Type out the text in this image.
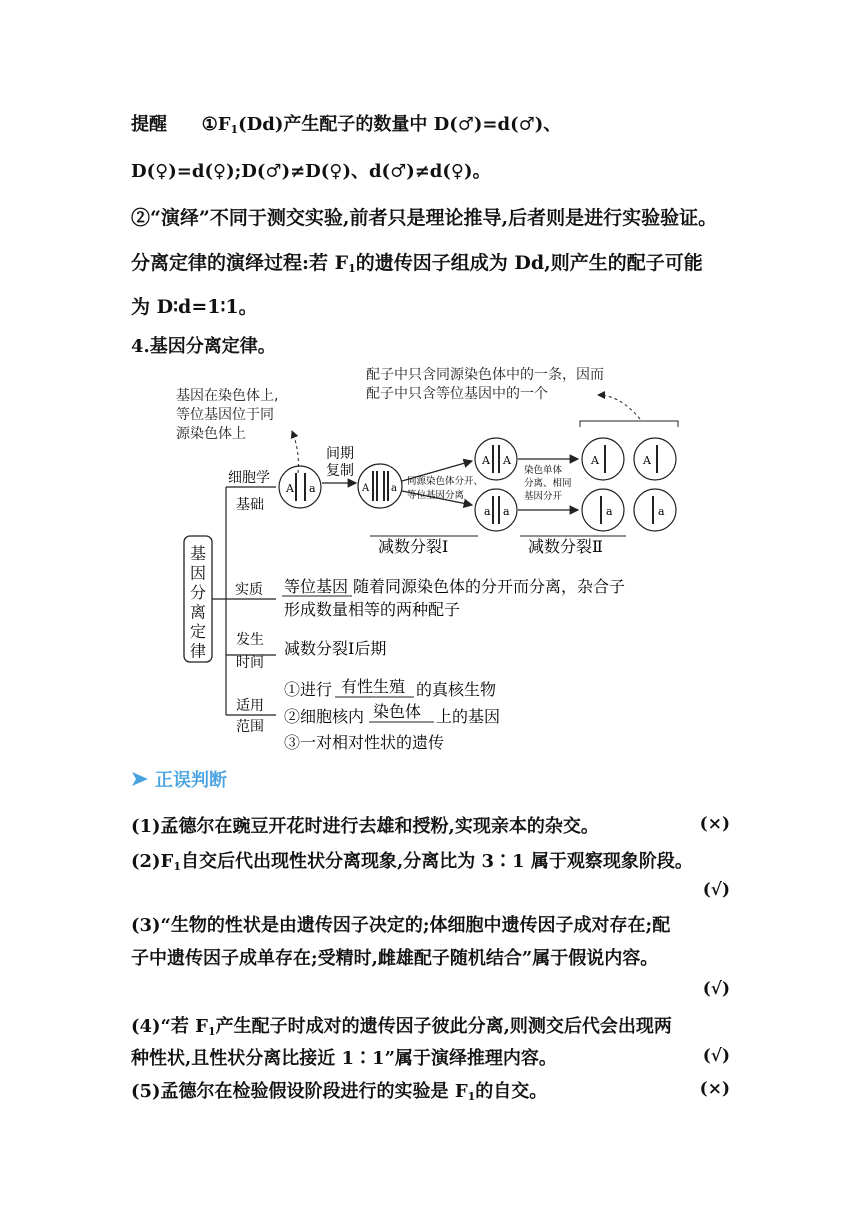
提醒 $①F_1(Dd)$产生配子的数量中 D(♂)=d(♂)、
D(♀)=d(♀);D(♂)≠D(♀)、d(♂)≠d(♀)。
②“演绎”不同于测交实验,前者只是理论推导,后者则是进行实验验证。
分离定律的演绎过程:若 $F_1$的遗传因子组成为 Dd,则产生的配子可能
为 D∶d=1∶1。
4.基因分离定律。
配子中只含同源染色体中的一条，因而
配子中只含等位基因中的一个
基因在染色体上,
等位基因位于同
源染色体上
基
因
分
离
定
律
细胞学
基础
A a
间期
复制
A a
同源染色体分开、
等位基因分离
A A
a a
染色单体
分离、相同
基因分开
A	A
a	a
减数分裂Ⅰ	减数分裂Ⅱ
实质 等位基因 随着同源染色体的分开而分离，杂合子
形成数量相等的两种配子
发生
时间
减数分裂Ⅰ后期
适用
范围
①进行 有性生殖 的真核生物
②细胞核内 染色体 上的基因
③一对相对性状的遗传
正误判断
(1)孟德尔在豌豆开花时进行去雄和授粉,实现亲本的杂交。	(×)
$(2)F_1$自交后代出现性状分离现象,分离比为 3∶1 属于观察现象阶段。
(√)
(3)“生物的性状是由遗传因子决定的;体细胞中遗传因子成对存在;配
子中遗传因子成单存在;受精时,雌雄配子随机结合”属于假说内容。
(√)
(4)“若 $F_1$产生配子时成对的遗传因子彼此分离,则测交后代会出现两
种性状,且性状分离比接近 1∶1”属于演绎推理内容。	(√)
(5)孟德尔在检验假设阶段进行的实验是 $F_1$的自交。	(×)
